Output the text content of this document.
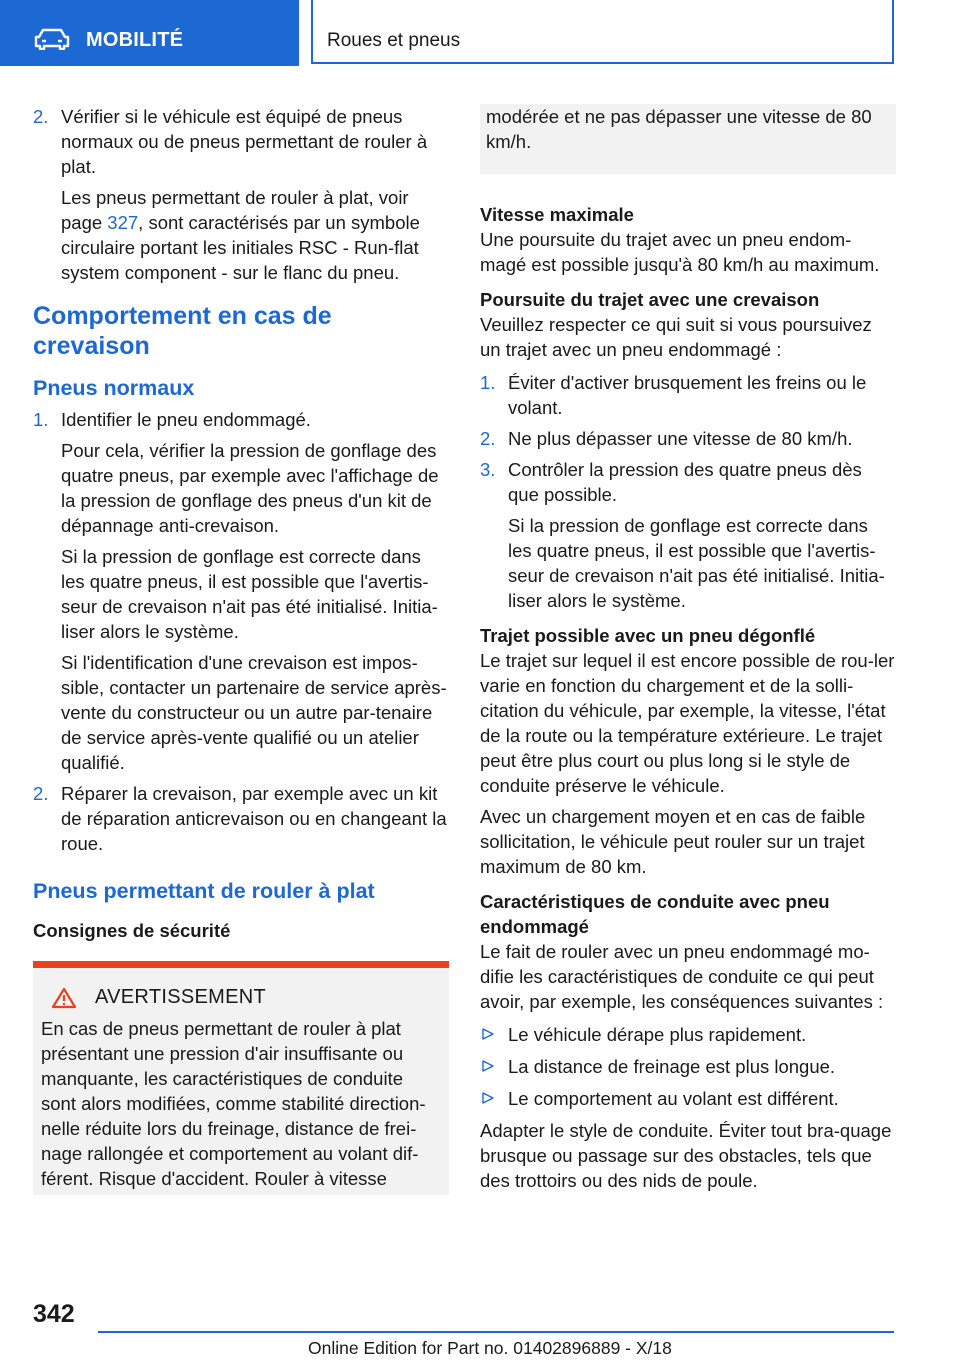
MOBILITÉ	Roues et pneus
2. Vérifier si le véhicule est équipé de pneus normaux ou de pneus permettant de rouler à plat.

Les pneus permettant de rouler à plat, voir page 327, sont caractérisés par un symbole circulaire portant les initiales RSC - Run-flat system component - sur le flanc du pneu.

Comportement en cas de crevaison
Pneus normaux
1. Identifier le pneu endommagé.

Pour cela, vérifier la pression de gonflage des quatre pneus, par exemple avec l'affichage de la pression de gonflage des pneus d'un kit de dépannage anti-crevaison.

Si la pression de gonflage est correcte dans les quatre pneus, il est possible que l'avertis-seur de crevaison n'ait pas été initialisé. Initia-liser alors le système.

Si l'identification d'une crevaison est impos-sible, contacter un partenaire de service après-vente du constructeur ou un autre par-tenaire de service après-vente qualifié ou un atelier qualifié.

2. Réparer la crevaison, par exemple avec un kit de réparation anticrevaison ou en changeant la roue.

Pneus permettant de rouler à plat
Consignes de sécurité
AVERTISSEMENT

En cas de pneus permettant de rouler à plat présentant une pression d'air insuffisante ou manquante, les caractéristiques de conduite sont alors modifiées, comme stabilité direction-nelle réduite lors du freinage, distance de frei-nage rallongée et comportement au volant dif-férent. Risque d'accident. Rouler à vitesse

modérée et ne pas dépasser une vitesse de 80 km/h.

Vitesse maximale

Une poursuite du trajet avec un pneu endom-magé est possible jusqu'à 80 km/h au maximum.

Poursuite du trajet avec une crevaison

Veuillez respecter ce qui suit si vous poursuivez un trajet avec un pneu endommagé :

1. Éviter d'activer brusquement les freins ou le volant.

2. Ne plus dépasser une vitesse de 80 km/h.

3. Contrôler la pression des quatre pneus dès que possible.

Si la pression de gonflage est correcte dans les quatre pneus, il est possible que l'avertis-seur de crevaison n'ait pas été initialisé. Initia-liser alors le système.

Trajet possible avec un pneu dégonflé

Le trajet sur lequel il est encore possible de rou-ler varie en fonction du chargement et de la solli-citation du véhicule, par exemple, la vitesse, l'état de la route ou la température extérieure. Le trajet peut être plus court ou plus long si le style de conduite préserve le véhicule.

Avec un chargement moyen et en cas de faible sollicitation, le véhicule peut rouler sur un trajet maximum de 80 km.

Caractéristiques de conduite avec pneu endommagé

Le fait de rouler avec un pneu endommagé mo-difie les caractéristiques de conduite ce qui peut avoir, par exemple, les conséquences suivantes :

Le véhicule dérape plus rapidement.
La distance de freinage est plus longue.
Le comportement au volant est différent.

Adapter le style de conduite. Éviter tout bra-quage brusque ou passage sur des obstacles, tels que des trottoirs ou des nids de poule.

342
Online Edition for Part no. 01402896889 - X/18
